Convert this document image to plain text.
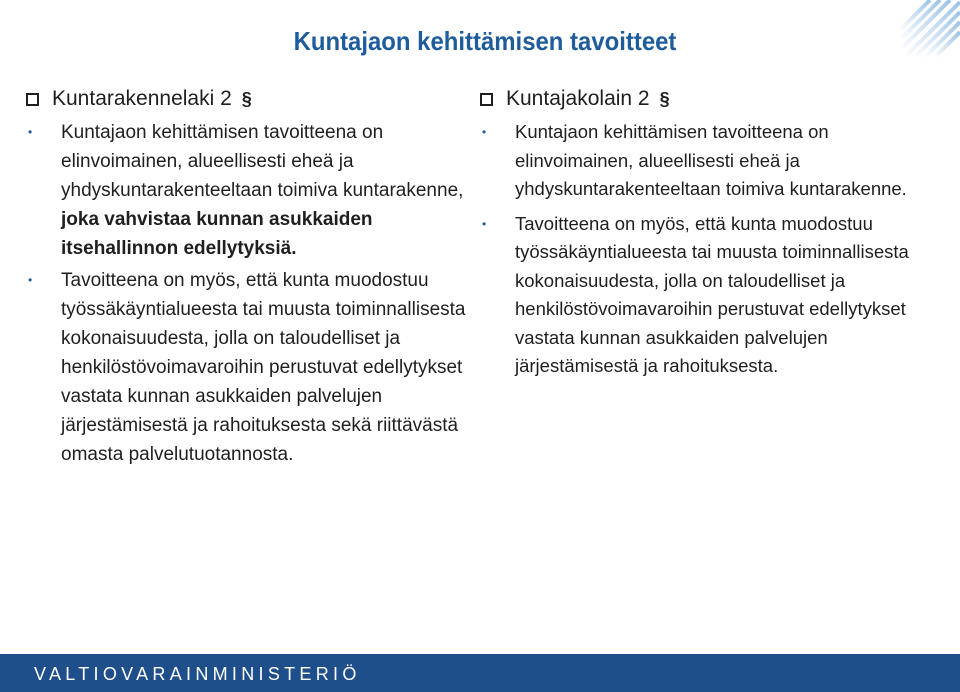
Kuntajaon kehittämisen tavoitteet
Kuntarakennelaki 2 §
• Kuntajaon kehittämisen tavoitteena on elinvoimainen, alueellisesti eheä ja yhdyskuntarakenteeltaan toimiva kuntarakenne, joka vahvistaa kunnan asukkaiden itsehallinnon edellytyksiä.
• Tavoitteena on myös, että kunta muodostuu työssäkäyntialueesta tai muusta toiminnallisesta kokonaisuudesta, jolla on taloudelliset ja henkilöstövoimavaroihin perustuvat edellytykset vastata kunnan asukkaiden palvelujen järjestämisestä ja rahoituksesta sekä riittävästä omasta palvelutuotannosta.
Kuntajakolain 2 §
• Kuntajaon kehittämisen tavoitteena on elinvoimainen, alueellisesti eheä ja yhdyskuntarakenteeltaan toimiva kuntarakenne.
• Tavoitteena on myös, että kunta muodostuu työssäkäyntialueesta tai muusta toiminnallisesta kokonaisuudesta, jolla on taloudelliset ja henkilöstövoimavaroihin perustuvat edellytykset vastata kunnan asukkaiden palvelujen järjestämisestä ja rahoituksesta.
VALTIOVARAINMINISTERIÖ
